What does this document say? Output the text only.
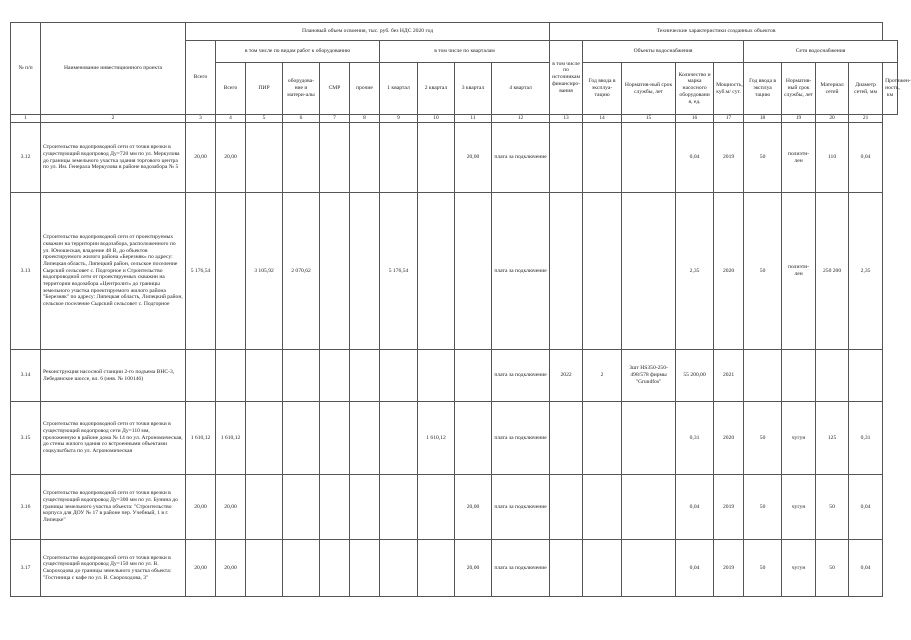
№ п/п	Наименование инвестиционного проекта	Плановый объем освоения, тыс. руб. без НДС 2020 год										Технические характеристики созданных объектов									
		Всего	в том числе по видам работ к оборудованию					в том числе по кварталам				в том числе по источникам финансиро-вания	Объекты водоснабжения				Сети водоснабжения				
			Всего	ПИР	оборудова-ние и матери-алы	СМР	прочие	1 квартал	2 квартал	3 квартал	4 квартал		Год ввода в эксплуа-тацию	Норматив-ный срок службы, лет	Количество и марка насосного оборудовани я, ед.	Мощность, куб.м/ сут.	Год ввода в эксплуа тацию	Норматив-ный срок службы, лет	Материал сетей	Диаметр сетей, мм	Протяжен-ность, км
1	2	3	4	5	6	7	8	9	10	11	12	13	14	15	16	17	18	19	20	21	
3.12	Строительство водопроводной сети от точки врезки в существующий водопровод Ду=720 мм по ул. Меркулова до границы земельного участка здания торгового центра по ул. Им. Генерала Меркулова в районе водозабора № 5	20,00	20,00							20,00	плата за подключение				0,04	2019	50	полиэти-лен	110	0,04	
3.13	Строительство водопроводной сети от проектируемых скважин на территории водозабора, расположенного по ул. Юношеская, владение 48 В, до объектов проектируемого жилого района «Березняк» по адресу: Липецкая область, Липецкий район, сельское поселение Сырский сельсовет с. Подгорное и Строительство водопроводной сети от проектируемых скважин на территории водозабора «Центролит» до границы земельного участка проектируемого жилого района "Березняк" по адресу: Липецкая область, Липецкий район, сельское поселение Сырский сельсовет с. Подгорное	5 176,54		3 105,92	2 070,62			5 176,54			плата за подключение				2,35	2020	50	полиэти-лен	250 200	2,35	
3.14	Реконструкция насосной станции 2-го подъема ВНС-3, Лебедянское шоссе, вл. 6 (инв. № 100146)										плата за подключение	2022	2	3шт HS350-250-498/578 фирмы "Grundfos"	55 200,00	2021					
3.15	Строительство водопроводной сети от точки врезки в существующий водопровод сети Ду=110 мм, проложенную в районе дома № 14 по ул. Агрономическая, до стены жилого здания со встроенными объектами соцкультбыта по ул. Агрономическая	1 610,12	1 610,12						1 610,12		плата за подключение				0,31	2020	50	чугун	125	0,31	
3.16	Строительство водопроводной сети от точки врезки в существующий водопровод Ду=300 мм по ул. Бунина до границы земельного участка объекта: "Строительство корпуса для ДОУ № 17 в районе пер. Учебный, 1 в г. Липецке"	20,00	20,00							20,00	плата за подключение				0,04	2019	50	чугун	50	0,04	
3.17	Строительство водопроводной сети от точки врезки в существующий водопровод Ду=150 мм по ул. В. Скороходова до границы земельного участка объекта: "Гостиница с кафе по ул. В. Скороходова, 3"	20,00	20,00							20,00	плата за подключение				0,04	2019	50	чугун	50	0,04	
